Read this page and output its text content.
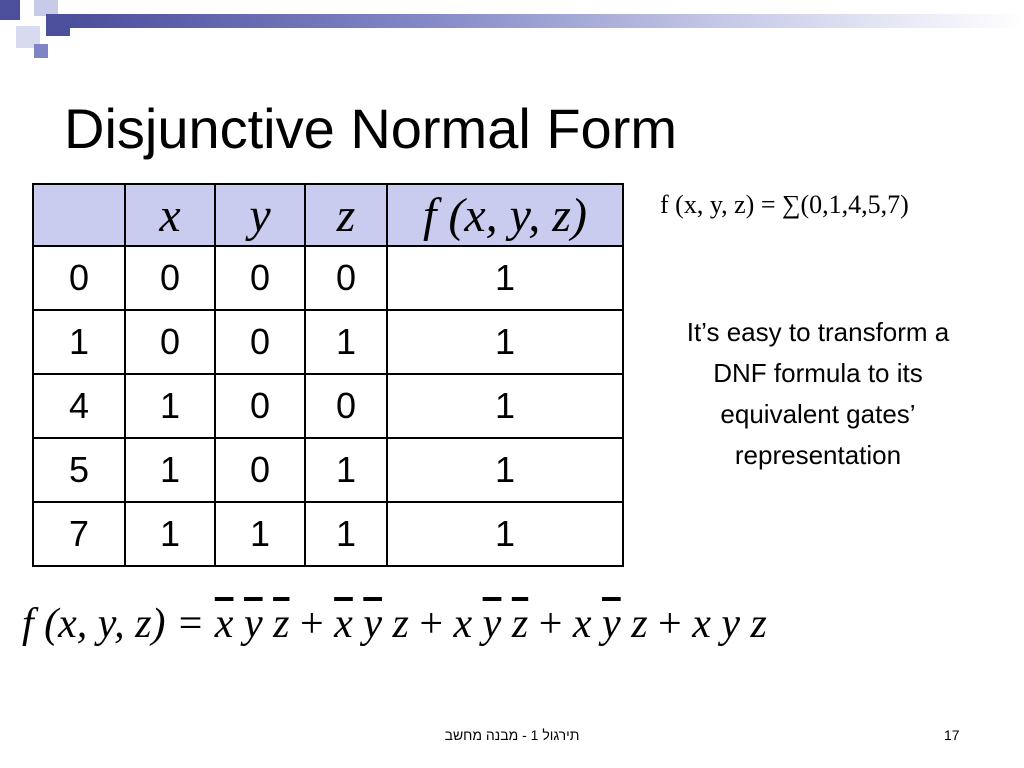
Disjunctive Normal Form
	x	y	z	f (x, y, z)
0	0	0	0	1
1	0	0	1	1
4	1	0	0	1
5	1	0	1	1
7	1	1	1	1
f (x, y, z) = ∑(0,1,4,5,7)
It’s easy to transform a DNF formula to its equivalent gates’ representation
f (x, y, $z) = \overline{x}$ $\overline{y}$ $\overline{z} + \overline{x}$ $\overline{y}$ z + x $\overline{y}$ $\overline{z} + x$ $\overline{y}$ z + x y z
תירגול 1 - מבנה מחשב	17
